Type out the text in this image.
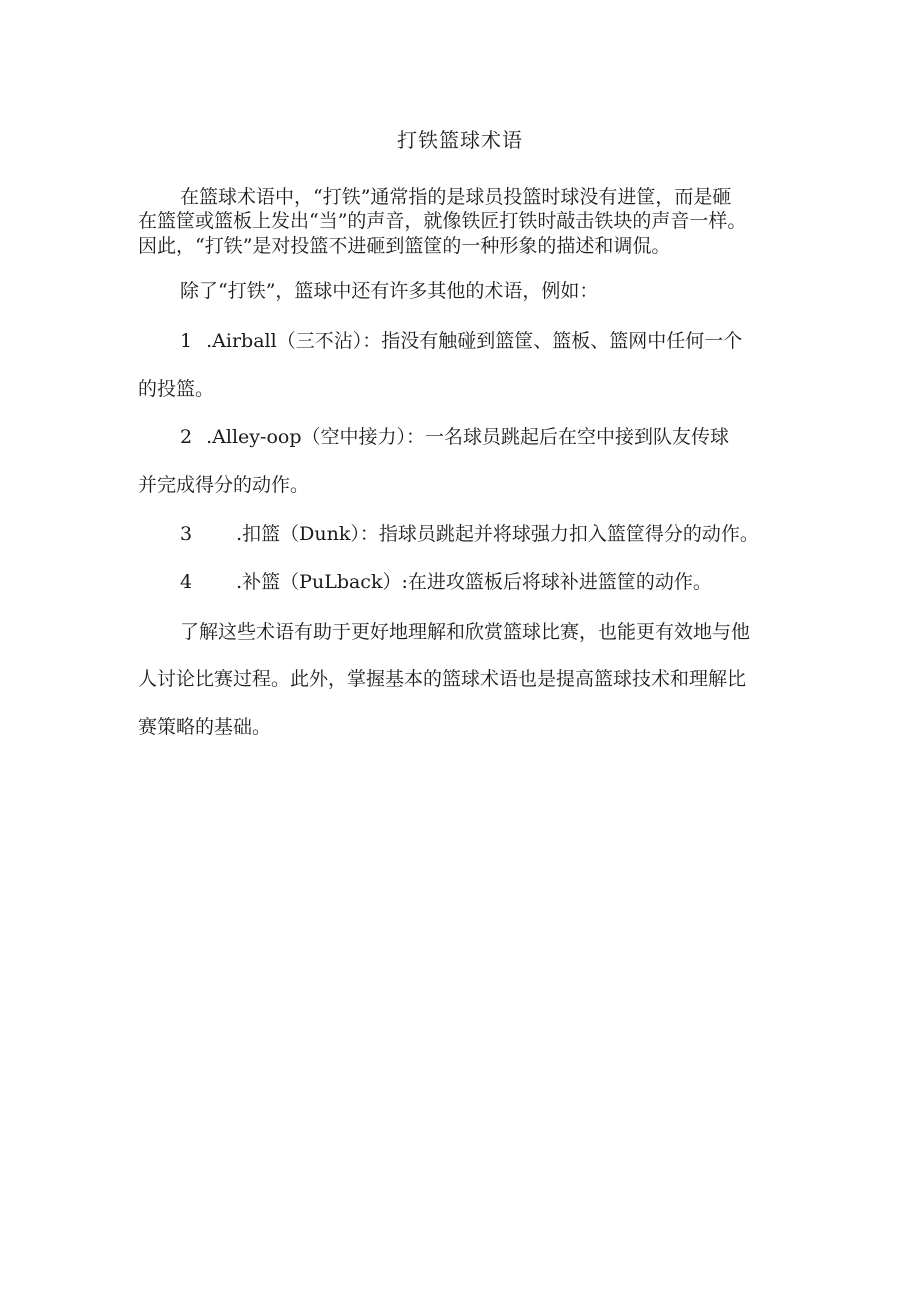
打铁篮球术语
在篮球术语中，“打铁”通常指的是球员投篮时球没有进筐，而是砸
在篮筐或篮板上发出“当”的声音，就像铁匠打铁时敲击铁块的声音一样。
因此，“打铁”是对投篮不进砸到篮筐的一种形象的描述和调侃。
除了“打铁”，篮球中还有许多其他的术语，例如：
1 .Airball（三不沾）：指没有触碰到篮筐、篮板、篮网中任何一个
的投篮。
2 .Alley-oop（空中接力）：一名球员跳起后在空中接到队友传球
并完成得分的动作。
3 .扣篮（Dunk）：指球员跳起并将球强力扣入篮筐得分的动作。
4 .补篮（PuLback）:在进攻篮板后将球补进篮筐的动作。
了解这些术语有助于更好地理解和欣赏篮球比赛，也能更有效地与他
人讨论比赛过程。此外，掌握基本的篮球术语也是提高篮球技术和理解比
赛策略的基础。
